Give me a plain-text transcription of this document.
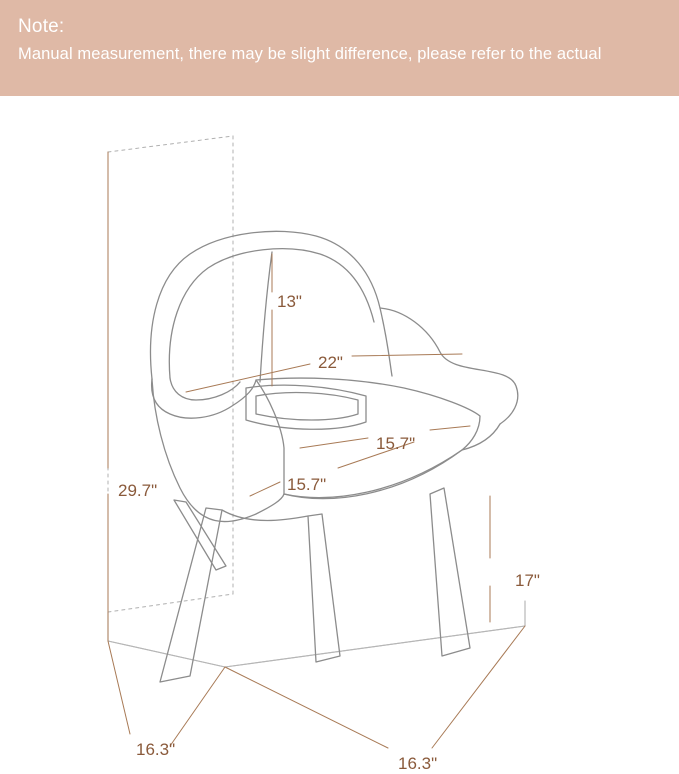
Note:
Manual measurement, there may be slight difference, please refer to the actual
13"
22"
15.7"
15.7"
29.7"
17"
16.3"
16.3"
